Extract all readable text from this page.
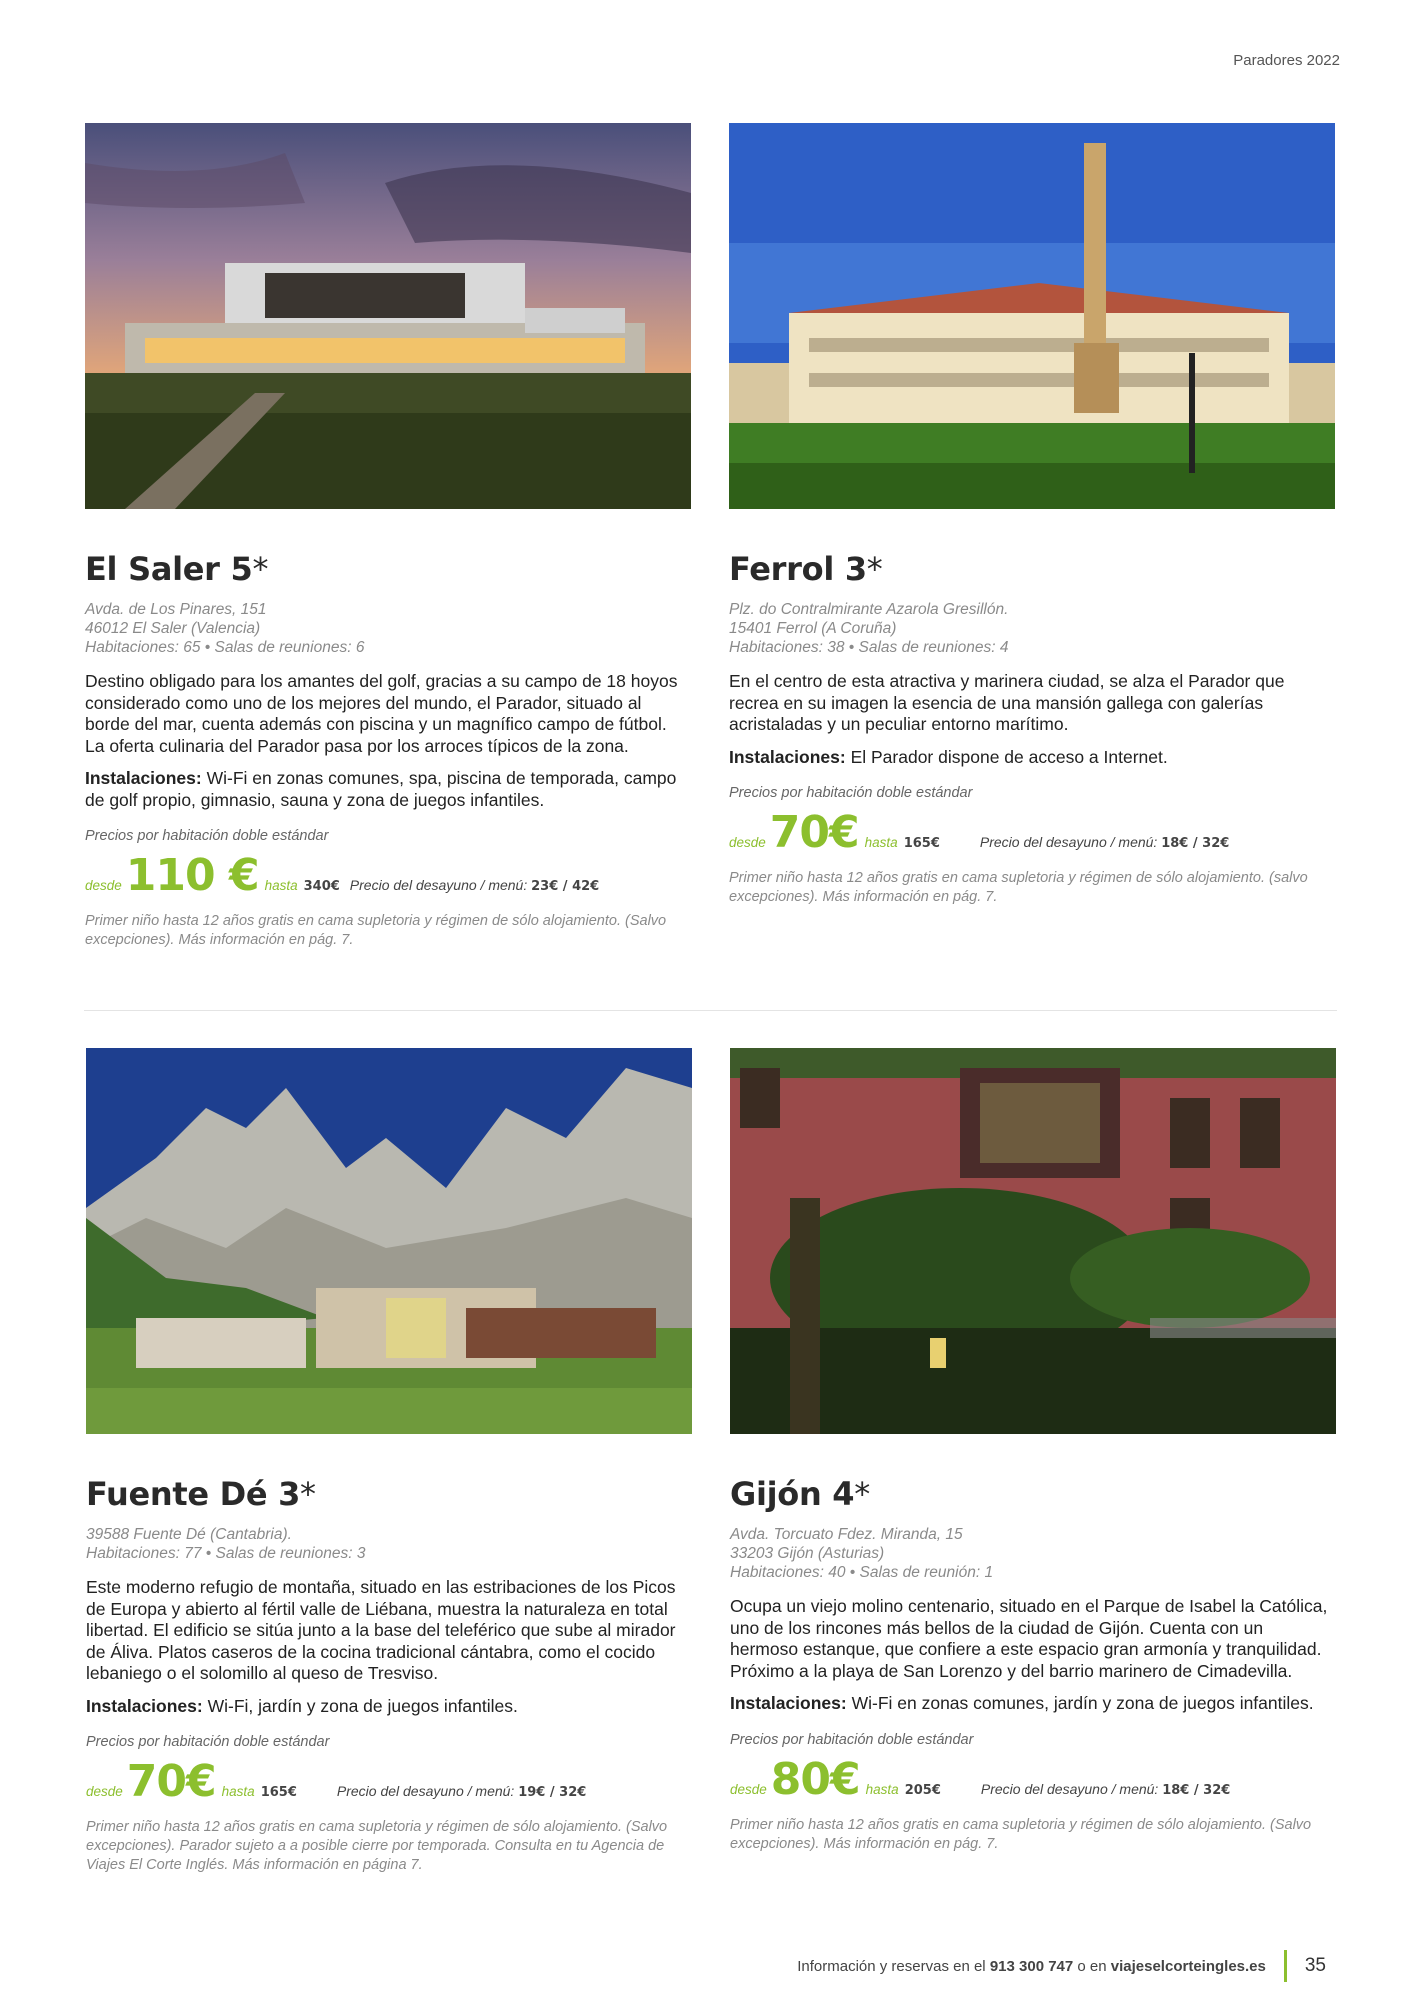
Paradores 2022
El Saler 5*
Avda. de Los Pinares, 151
46012 El Saler (Valencia)
Habitaciones: 65 • Salas de reuniones: 6
Destino obligado para los amantes del golf, gracias a su campo de 18 hoyos considerado como uno de los mejores del mundo, el Parador, situado al borde del mar, cuenta además con piscina y un magnífico campo de fútbol. La oferta culinaria del Parador pasa por los arroces típicos de la zona.
Instalaciones: Wi-Fi en zonas comunes, spa, piscina de temporada, campo de golf propio, gimnasio, sauna y zona de juegos infantiles.
Precios por habitación doble estándar
desde 110 € hasta 340€ Precio del desayuno / menú: 23€ / 42€
Primer niño hasta 12 años gratis en cama supletoria y régimen de sólo alojamiento. (Salvo excepciones). Más información en pág. 7.
Ferrol 3*
Plz. do Contralmirante Azarola Gresillón.
15401 Ferrol (A Coruña)
Habitaciones: 38 • Salas de reuniones: 4
En el centro de esta atractiva y marinera ciudad, se alza el Parador que recrea en su imagen la esencia de una mansión gallega con galerías acristaladas y un peculiar entorno marítimo.
Instalaciones: El Parador dispone de acceso a Internet.
Precios por habitación doble estándar
desde 70€ hasta 165€	Precio del desayuno / menú: 18€ / 32€
Primer niño hasta 12 años gratis en cama supletoria y régimen de sólo alojamiento. (salvo excepciones). Más información en pág. 7.
Fuente Dé 3*
39588 Fuente Dé (Cantabria).
Habitaciones: 77 • Salas de reuniones: 3
Este moderno refugio de montaña, situado en las estribaciones de los Picos de Europa y abierto al fértil valle de Liébana, muestra la naturaleza en total libertad. El edificio se sitúa junto a la base del teleférico que sube al mirador de Áliva. Platos caseros de la cocina tradicional cántabra, como el cocido lebaniego o el solomillo al queso de Tresviso.
Instalaciones: Wi-Fi, jardín y zona de juegos infantiles.
Precios por habitación doble estándar
desde 70€ hasta 165€	Precio del desayuno / menú: 19€ / 32€
Primer niño hasta 12 años gratis en cama supletoria y régimen de sólo alojamiento. (Salvo excepciones). Parador sujeto a a posible cierre por temporada. Consulta en tu Agencia de Viajes El Corte Inglés. Más información en página 7.
Gijón 4*
Avda. Torcuato Fdez. Miranda, 15
33203 Gijón (Asturias)
Habitaciones: 40 • Salas de reunión: 1
Ocupa un viejo molino centenario, situado en el Parque de Isabel la Católica, uno de los rincones más bellos de la ciudad de Gijón. Cuenta con un hermoso estanque, que confiere a este espacio gran armonía y tranquilidad. Próximo a la playa de San Lorenzo y del barrio marinero de Cimadevilla.
Instalaciones: Wi-Fi en zonas comunes, jardín y zona de juegos infantiles.
Precios por habitación doble estándar
desde 80€ hasta 205€	Precio del desayuno / menú: 18€ / 32€
Primer niño hasta 12 años gratis en cama supletoria y régimen de sólo alojamiento. (Salvo excepciones). Más información en pág. 7.
Información y reservas en el 913 300 747 o en viajeselcorteingles.es 35
